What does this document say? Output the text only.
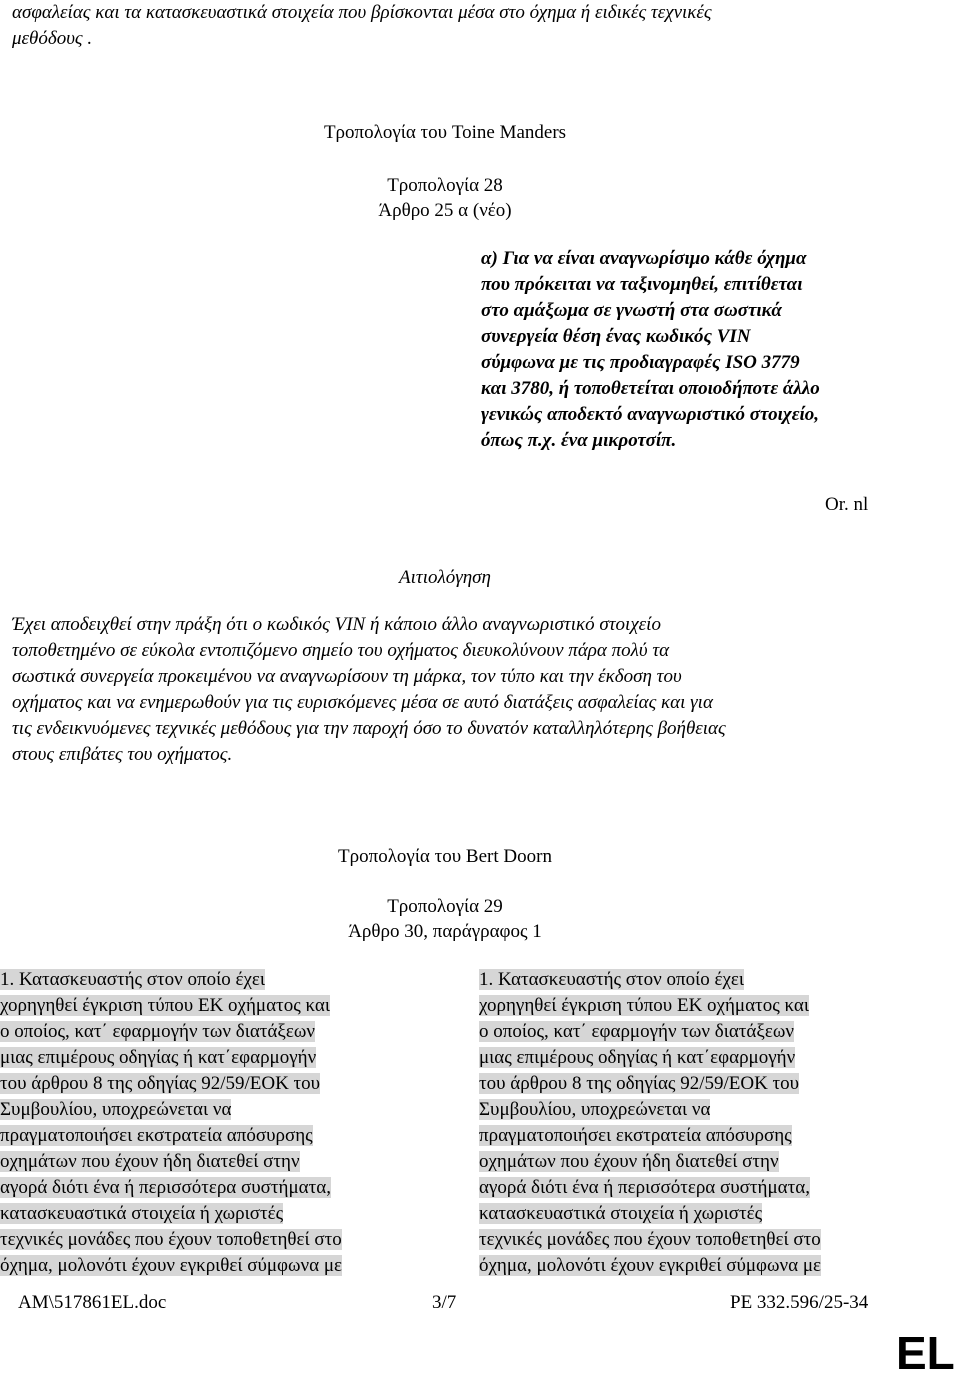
ασφαλείας και τα κατασκευαστικά στοιχεία που βρίσκονται μέσα στο όχημα ή ειδικές τεχνικές
μεθόδους .
Τροπολογία του Toine Manders
Τροπολογία 28
Άρθρο 25 α (νέο)
α) Για να είναι αναγνωρίσιμο κάθε όχημα
που πρόκειται να ταξινομηθεί, επιτίθεται
στο αμάξωμα σε γνωστή στα σωστικά
συνεργεία θέση ένας κωδικός VIN
σύμφωνα με τις προδιαγραφές ISO 3779
και 3780, ή τοποθετείται οποιοδήποτε άλλο
γενικώς αποδεκτό αναγνωριστικό στοιχείο,
όπως π.χ. ένα μικροτσίπ.
Or. nl
Αιτιολόγηση
Έχει αποδειχθεί στην πράξη ότι ο κωδικός VIN ή κάποιο άλλο αναγνωριστικό στοιχείο
τοποθετημένο σε εύκολα εντοπιζόμενο σημείο του οχήματος διευκολύνουν πάρα πολύ τα
σωστικά συνεργεία προκειμένου να αναγνωρίσουν τη μάρκα, τον τύπο και την έκδοση του
οχήματος και να ενημερωθούν για τις ευρισκόμενες μέσα σε αυτό διατάξεις ασφαλείας και για
τις ενδεικνυόμενες τεχνικές μεθόδους για την παροχή όσο το δυνατόν καταλληλότερης βοήθειας
στους επιβάτες του οχήματος.
Τροπολογία του Bert Doorn
Τροπολογία 29
Άρθρο 30, παράγραφος 1
1. Κατασκευαστής στον οποίο έχει
χορηγηθεί έγκριση τύπου ΕΚ οχήματος και
ο οποίος, κατ΄ εφαρμογήν των διατάξεων
μιας επιμέρους οδηγίας ή κατ΄εφαρμογήν
του άρθρου 8 της οδηγίας 92/59/ΕΟΚ του
Συμβουλίου, υποχρεώνεται να
πραγματοποιήσει εκστρατεία απόσυρσης
οχημάτων που έχουν ήδη διατεθεί στην
αγορά διότι ένα ή περισσότερα συστήματα,
κατασκευαστικά στοιχεία ή χωριστές
τεχνικές μονάδες που έχουν τοποθετηθεί στο
όχημα, μολονότι έχουν εγκριθεί σύμφωνα με
1. Κατασκευαστής στον οποίο έχει
χορηγηθεί έγκριση τύπου ΕΚ οχήματος και
ο οποίος, κατ΄ εφαρμογήν των διατάξεων
μιας επιμέρους οδηγίας ή κατ΄εφαρμογήν
του άρθρου 8 της οδηγίας 92/59/ΕΟΚ του
Συμβουλίου, υποχρεώνεται να
πραγματοποιήσει εκστρατεία απόσυρσης
οχημάτων που έχουν ήδη διατεθεί στην
αγορά διότι ένα ή περισσότερα συστήματα,
κατασκευαστικά στοιχεία ή χωριστές
τεχνικές μονάδες που έχουν τοποθετηθεί στο
όχημα, μολονότι έχουν εγκριθεί σύμφωνα με
AM\517861EL.doc	3/7	PE 332.596/25-34
EL
